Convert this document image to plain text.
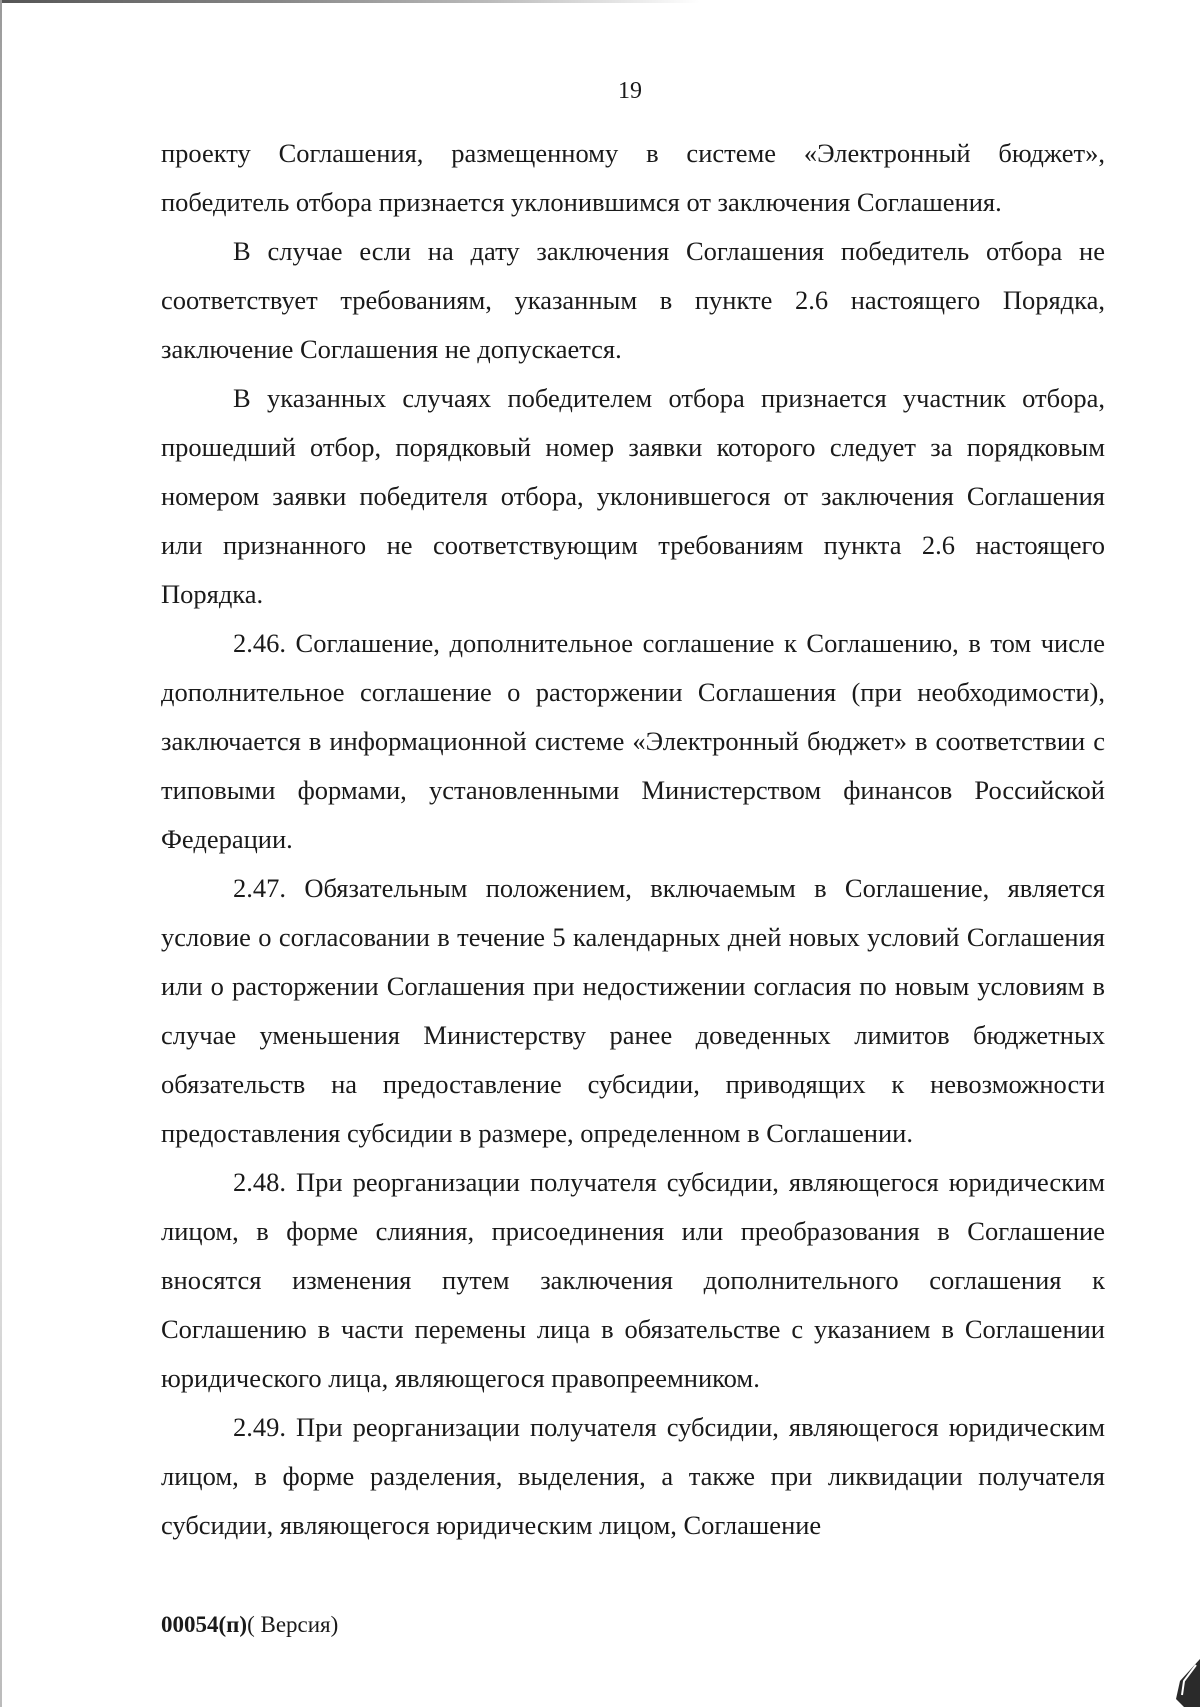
19

проекту Соглашения, размещенному в системе «Электронный бюджет», победитель отбора признается уклонившимся от заключения Соглашения.

В случае если на дату заключения Соглашения победитель отбора не соответствует требованиям, указанным в пункте 2.6 настоящего Порядка, заключение Соглашения не допускается.

В указанных случаях победителем отбора признается участник отбора, прошедший отбор, порядковый номер заявки которого следует за порядковым номером заявки победителя отбора, уклонившегося от заключения Соглашения или признанного не соответствующим требованиям пункта 2.6 настоящего Порядка.

2.46. Соглашение, дополнительное соглашение к Соглашению, в том числе дополнительное соглашение о расторжении Соглашения (при необходимости), заключается в информационной системе «Электронный бюджет» в соответствии с типовыми формами, установленными Министерством финансов Российской Федерации.

2.47. Обязательным положением, включаемым в Соглашение, является условие о согласовании в течение 5 календарных дней новых условий Соглашения или о расторжении Соглашения при недостижении согласия по новым условиям в случае уменьшения Министерству ранее доведенных лимитов бюджетных обязательств на предоставление субсидии, приводящих к невозможности предоставления субсидии в размере, определенном в Соглашении.

2.48. При реорганизации получателя субсидии, являющегося юридическим лицом, в форме слияния, присоединения или преобразования в Соглашение вносятся изменения путем заключения дополнительного соглашения к Соглашению в части перемены лица в обязательстве с указанием в Соглашении юридического лица, являющегося правопреемником.

2.49. При реорганизации получателя субсидии, являющегося юридическим лицом, в форме разделения, выделения, а также при ликвидации получателя субсидии, являющегося юридическим лицом, Соглашение

00054(п)( Версия)
